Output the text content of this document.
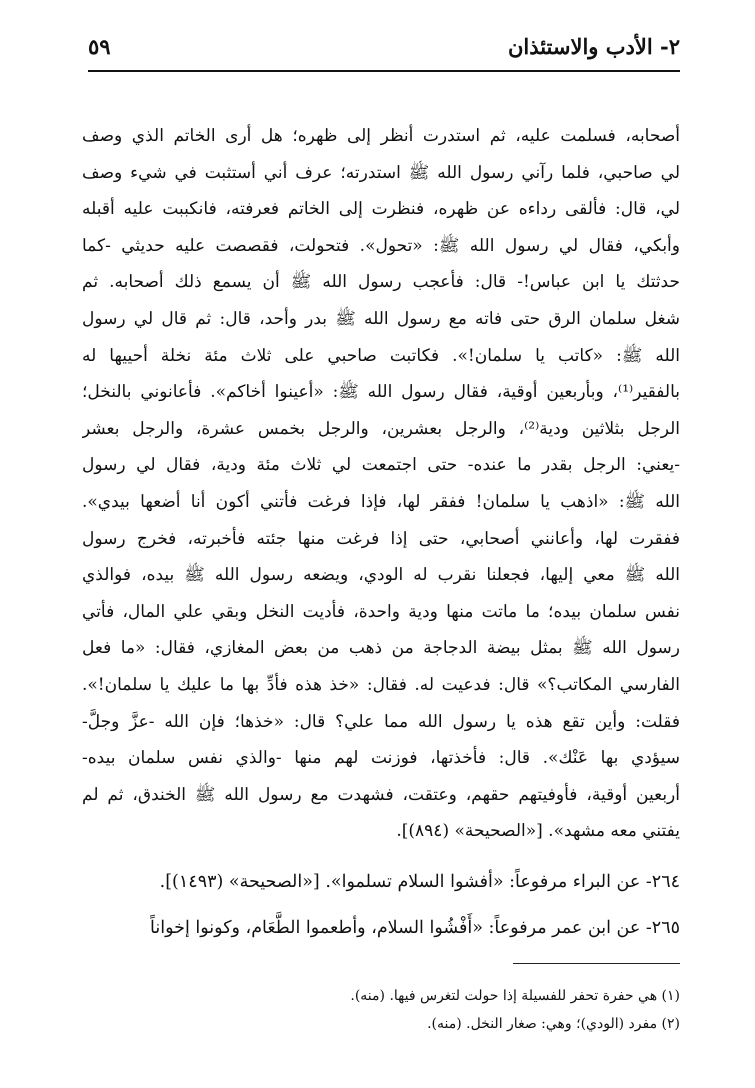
٢- الأدب والاستئذان
٥٩
أصحابه، فسلمت عليه، ثم استدرت أنظر إلى ظهره؛ هل أرى الخاتم الذي وصف
لي صاحبي، فلما رآني رسول الله ﷺ استدرته؛ عرف أني أستثبت في شيء وصف
لي، قال: فألقى رداءه عن ظهره، فنظرت إلى الخاتم فعرفته، فانكببت عليه أقبله
وأبكي، فقال لي رسول الله ﷺ: «تحول». فتحولت، فقصصت عليه حديثي -كما
حدثتك يا ابن عباس!- قال: فأعجب رسول الله ﷺ أن يسمع ذلك أصحابه. ثم
شغل سلمان الرق حتى فاته مع رسول الله ﷺ بدر وأحد، قال: ثم قال لي رسول
الله ﷺ: «كاتب يا سلمان!». فكاتبت صاحبي على ثلاث مئة نخلة أحييها له
بالفقير⁽¹⁾، وبأربعين أوقية، فقال رسول الله ﷺ: «أعينوا أخاكم». فأعانوني بالنخل؛
الرجل بثلاثين ودية⁽²⁾، والرجل بعشرين، والرجل بخمس عشرة، والرجل بعشر
-يعني: الرجل بقدر ما عنده- حتى اجتمعت لي ثلاث مئة ودية، فقال لي رسول
الله ﷺ: «اذهب يا سلمان! ففقر لها، فإذا فرغت فأتني أكون أنا أضعها بيدي».
ففقرت لها، وأعانني أصحابي، حتى إذا فرغت منها جئته فأخبرته، فخرج رسول
الله ﷺ معي إليها، فجعلنا نقرب له الودي، ويضعه رسول الله ﷺ بيده، فوالذي
نفس سلمان بيده؛ ما ماتت منها ودية واحدة، فأديت النخل وبقي علي المال، فأتي
رسول الله ﷺ بمثل بيضة الدجاجة من ذهب من بعض المغازي، فقال: «ما فعل
الفارسي المكاتب؟» قال: فدعيت له. فقال: «خذ هذه فأدِّ بها ما عليك يا سلمان!».
فقلت: وأين تقع هذه يا رسول الله مما علي؟ قال: «خذها؛ فإن الله -عزَّ وجلَّ-
سيؤدي بها عَنْك». قال: فأخذتها، فوزنت لهم منها -والذي نفس سلمان بيده-
أربعين أوقية، فأوفيتهم حقهم، وعتقت، فشهدت مع رسول الله ﷺ الخندق، ثم لم
يفتني معه مشهد». [«الصحيحة» (٨٩٤)].
٢٦٤- عن البراء مرفوعاً: «أفشوا السلام تسلموا». [«الصحيحة» (١٤٩٣)].
٢٦٥- عن ابن عمر مرفوعاً: «أَفْشُوا السلام، وأطعموا الطَّعَام، وكونوا إخواناً
(١) هي حفرة تحفر للفسيلة إذا حولت لتغرس فيها. (منه).
(٢) مفرد (الودي)؛ وهي: صغار النخل. (منه).
